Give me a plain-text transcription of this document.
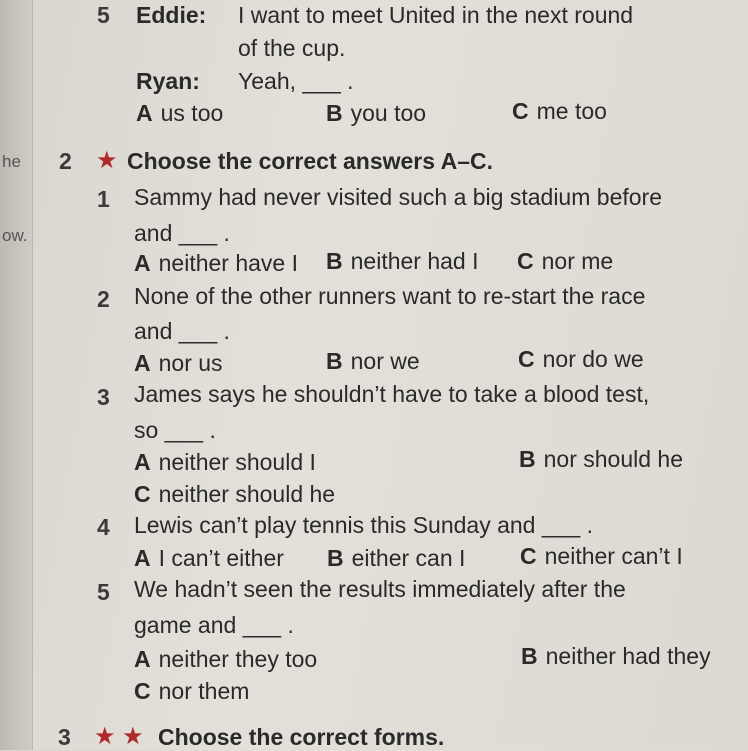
he
ow.
5 Eddie: I want to meet United in the next round
of the cup.
Ryan: Yeah, ___ .
A us too	B you too	C me too
2 ★ Choose the correct answers A–C.
1 Sammy had never visited such a big stadium before
and ___ .
A neither have I B neither had I C nor me
2 None of the other runners want to re-start the race
and ___ .
A nor us	B nor we	C nor do we
3 James says he shouldn’t have to take a blood test,
so ___ .
A neither should I	B nor should he
C neither should he
4 Lewis can’t play tennis this Sunday and ___ .
A I can’t either B either can I C neither can’t I
5 We hadn’t seen the results immediately after the
game and ___ .
A neither they too	B neither had they
C nor them
3 ★ ★ Choose the correct forms.
